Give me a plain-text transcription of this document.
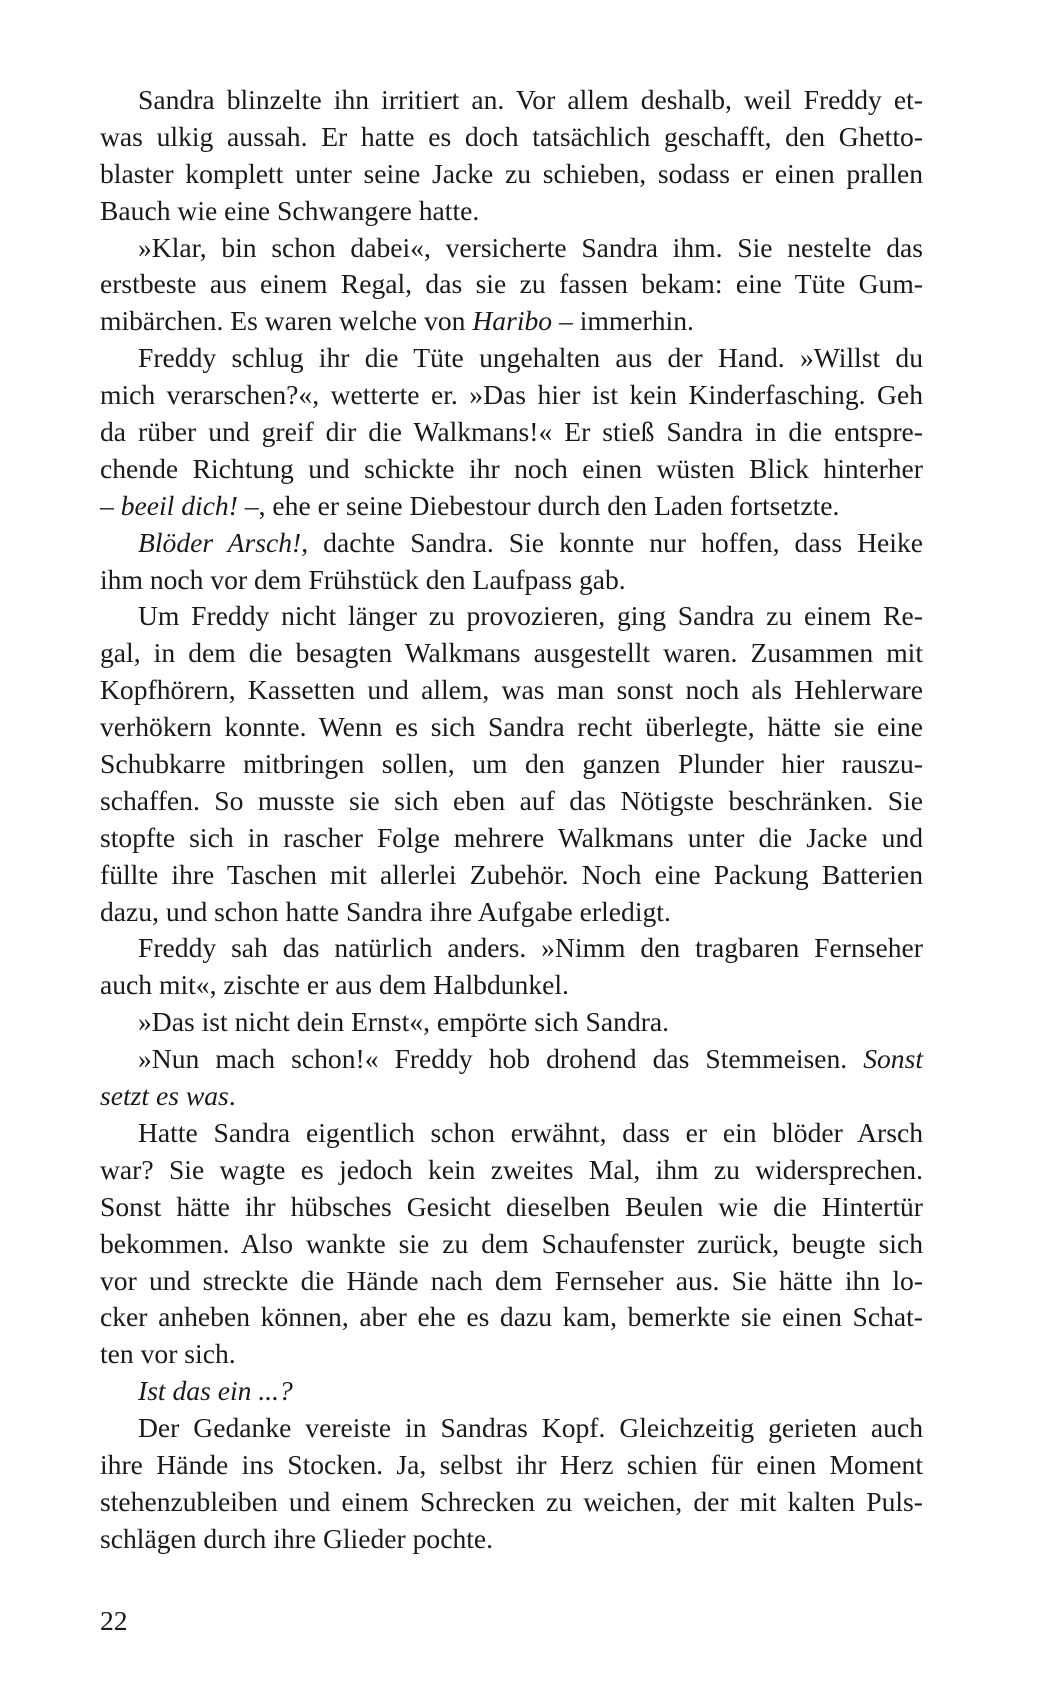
Sandra blinzelte ihn irritiert an. Vor allem deshalb, weil Freddy et-
was ulkig aussah. Er hatte es doch tatsächlich geschafft, den Ghetto-
blaster komplett unter seine Jacke zu schieben, sodass er einen prallen
Bauch wie eine Schwangere hatte.
»Klar, bin schon dabei«, versicherte Sandra ihm. Sie nestelte das
erstbeste aus einem Regal, das sie zu fassen bekam: eine Tüte Gum-
mibärchen. Es waren welche von Haribo – immerhin.
Freddy schlug ihr die Tüte ungehalten aus der Hand. »Willst du
mich verarschen?«, wetterte er. »Das hier ist kein Kinderfasching. Geh
da rüber und greif dir die Walkmans!« Er stieß Sandra in die entspre-
chende Richtung und schickte ihr noch einen wüsten Blick hinterher
– beeil dich! –, ehe er seine Diebestour durch den Laden fortsetzte.
Blöder Arsch!, dachte Sandra. Sie konnte nur hoffen, dass Heike
ihm noch vor dem Frühstück den Laufpass gab.
Um Freddy nicht länger zu provozieren, ging Sandra zu einem Re-
gal, in dem die besagten Walkmans ausgestellt waren. Zusammen mit
Kopfhörern, Kassetten und allem, was man sonst noch als Hehlerware
verhökern konnte. Wenn es sich Sandra recht überlegte, hätte sie eine
Schubkarre mitbringen sollen, um den ganzen Plunder hier rauszu-
schaffen. So musste sie sich eben auf das Nötigste beschränken. Sie
stopfte sich in rascher Folge mehrere Walkmans unter die Jacke und
füllte ihre Taschen mit allerlei Zubehör. Noch eine Packung Batterien
dazu, und schon hatte Sandra ihre Aufgabe erledigt.
Freddy sah das natürlich anders. »Nimm den tragbaren Fernseher
auch mit«, zischte er aus dem Halbdunkel.
»Das ist nicht dein Ernst«, empörte sich Sandra.
»Nun mach schon!« Freddy hob drohend das Stemmeisen. Sonst
setzt es was.
Hatte Sandra eigentlich schon erwähnt, dass er ein blöder Arsch
war? Sie wagte es jedoch kein zweites Mal, ihm zu widersprechen.
Sonst hätte ihr hübsches Gesicht dieselben Beulen wie die Hintertür
bekommen. Also wankte sie zu dem Schaufenster zurück, beugte sich
vor und streckte die Hände nach dem Fernseher aus. Sie hätte ihn lo-
cker anheben können, aber ehe es dazu kam, bemerkte sie einen Schat-
ten vor sich.
Ist das ein ...?
Der Gedanke vereiste in Sandras Kopf. Gleichzeitig gerieten auch
ihre Hände ins Stocken. Ja, selbst ihr Herz schien für einen Moment
stehenzubleiben und einem Schrecken zu weichen, der mit kalten Puls-
schlägen durch ihre Glieder pochte.
22
